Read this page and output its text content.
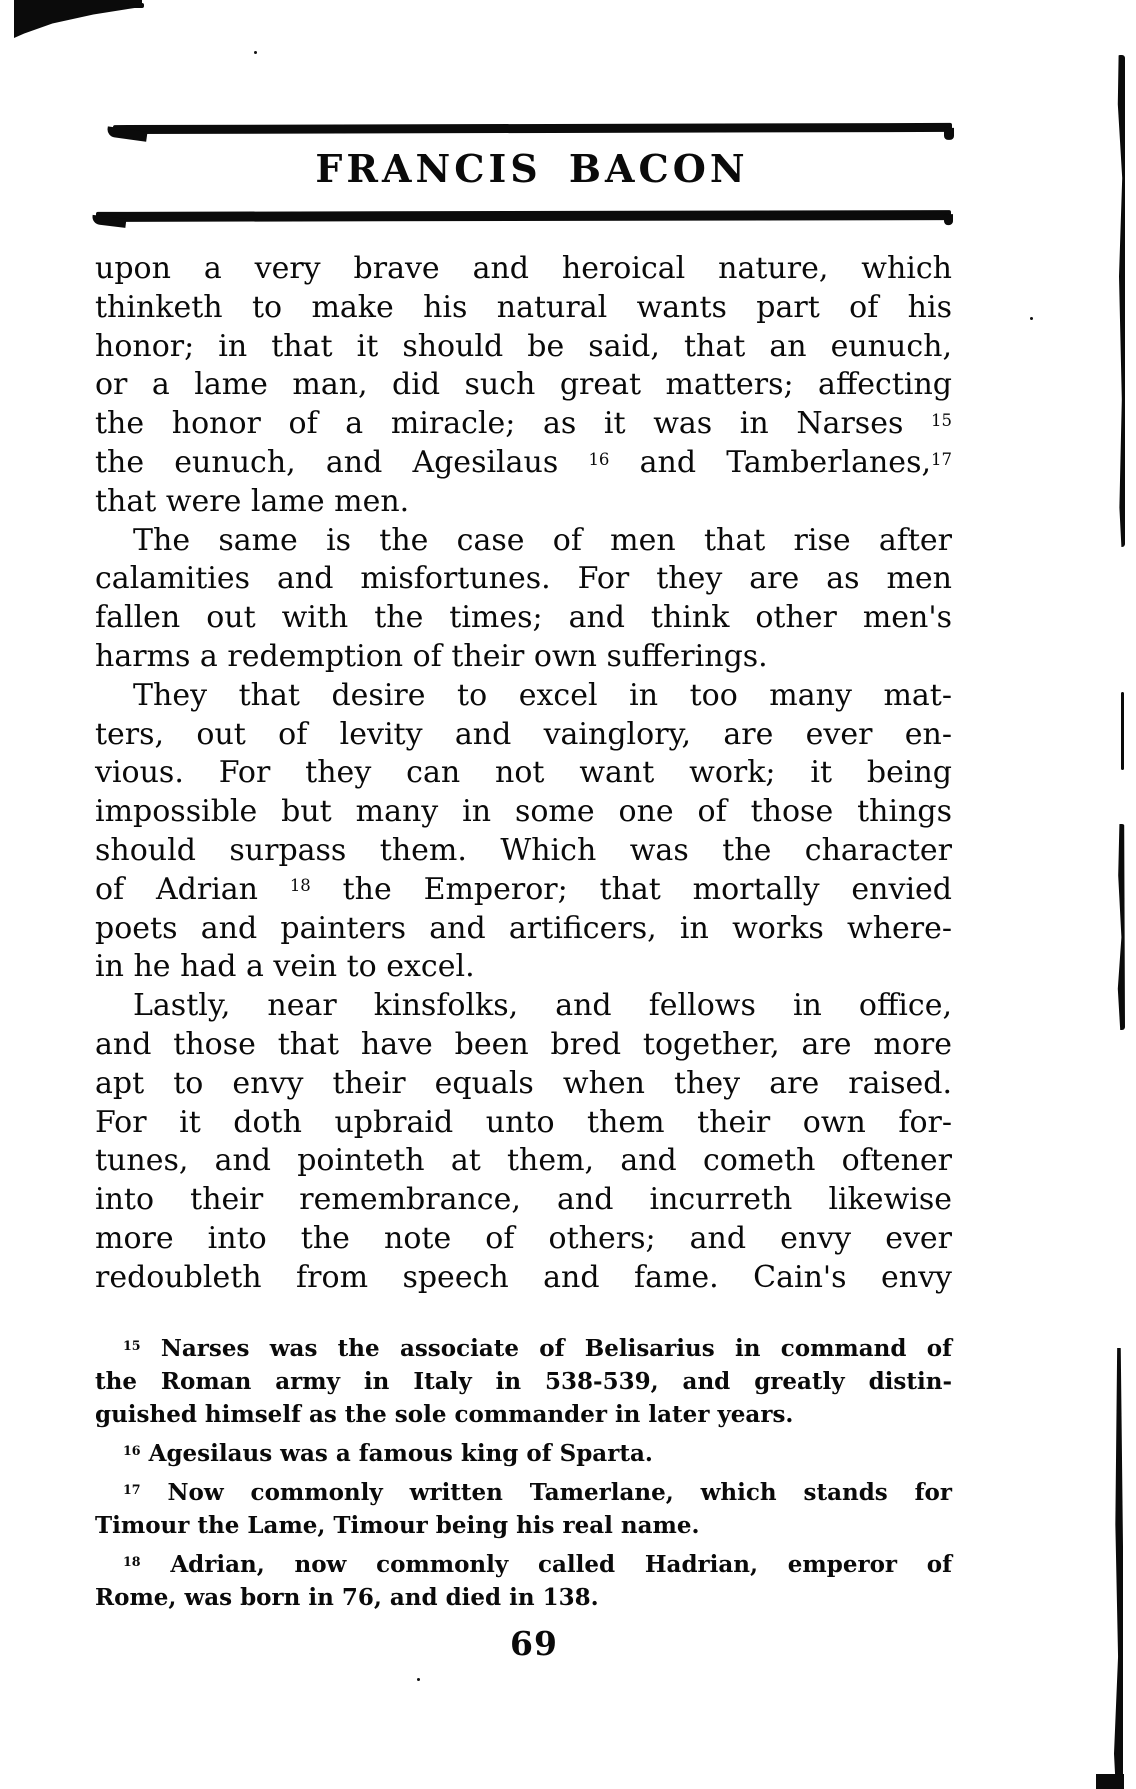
FRANCIS BACON
upon a very brave and heroical nature, which
thinketh to make his natural wants part of his
honor; in that it should be said, that an eunuch,
or a lame man, did such great matters; affecting
the honor of a miracle; as it was in Narses $^{15}$
the eunuch, and Agesilaus $^{16}$ and Tamberlanes,$^{17}$
that were lame men.
The same is the case of men that rise after
calamities and misfortunes. For they are as men
fallen out with the times; and think other men's
harms a redemption of their own sufferings.
They that desire to excel in too many mat-
ters, out of levity and vainglory, are ever en-
vious. For they can not want work; it being
impossible but many in some one of those things
should surpass them. Which was the character
of Adrian $^{18}$ the Emperor; that mortally envied
poets and painters and artificers, in works where-
in he had a vein to excel.
Lastly, near kinsfolks, and fellows in office,
and those that have been bred together, are more
apt to envy their equals when they are raised.
For it doth upbraid unto them their own for-
tunes, and pointeth at them, and cometh oftener
into their remembrance, and incurreth likewise
more into the note of others; and envy ever
redoubleth from speech and fame. Cain's envy
$^{15}$ Narses was the associate of Belisarius in command of
the Roman army in Italy in 538-539, and greatly distin-
guished himself as the sole commander in later years.
$^{16}$ Agesilaus was a famous king of Sparta.
$^{17}$ Now commonly written Tamerlane, which stands for
Timour the Lame, Timour being his real name.
$^{18}$ Adrian, now commonly called Hadrian, emperor of
Rome, was born in 76, and died in 138.
69
